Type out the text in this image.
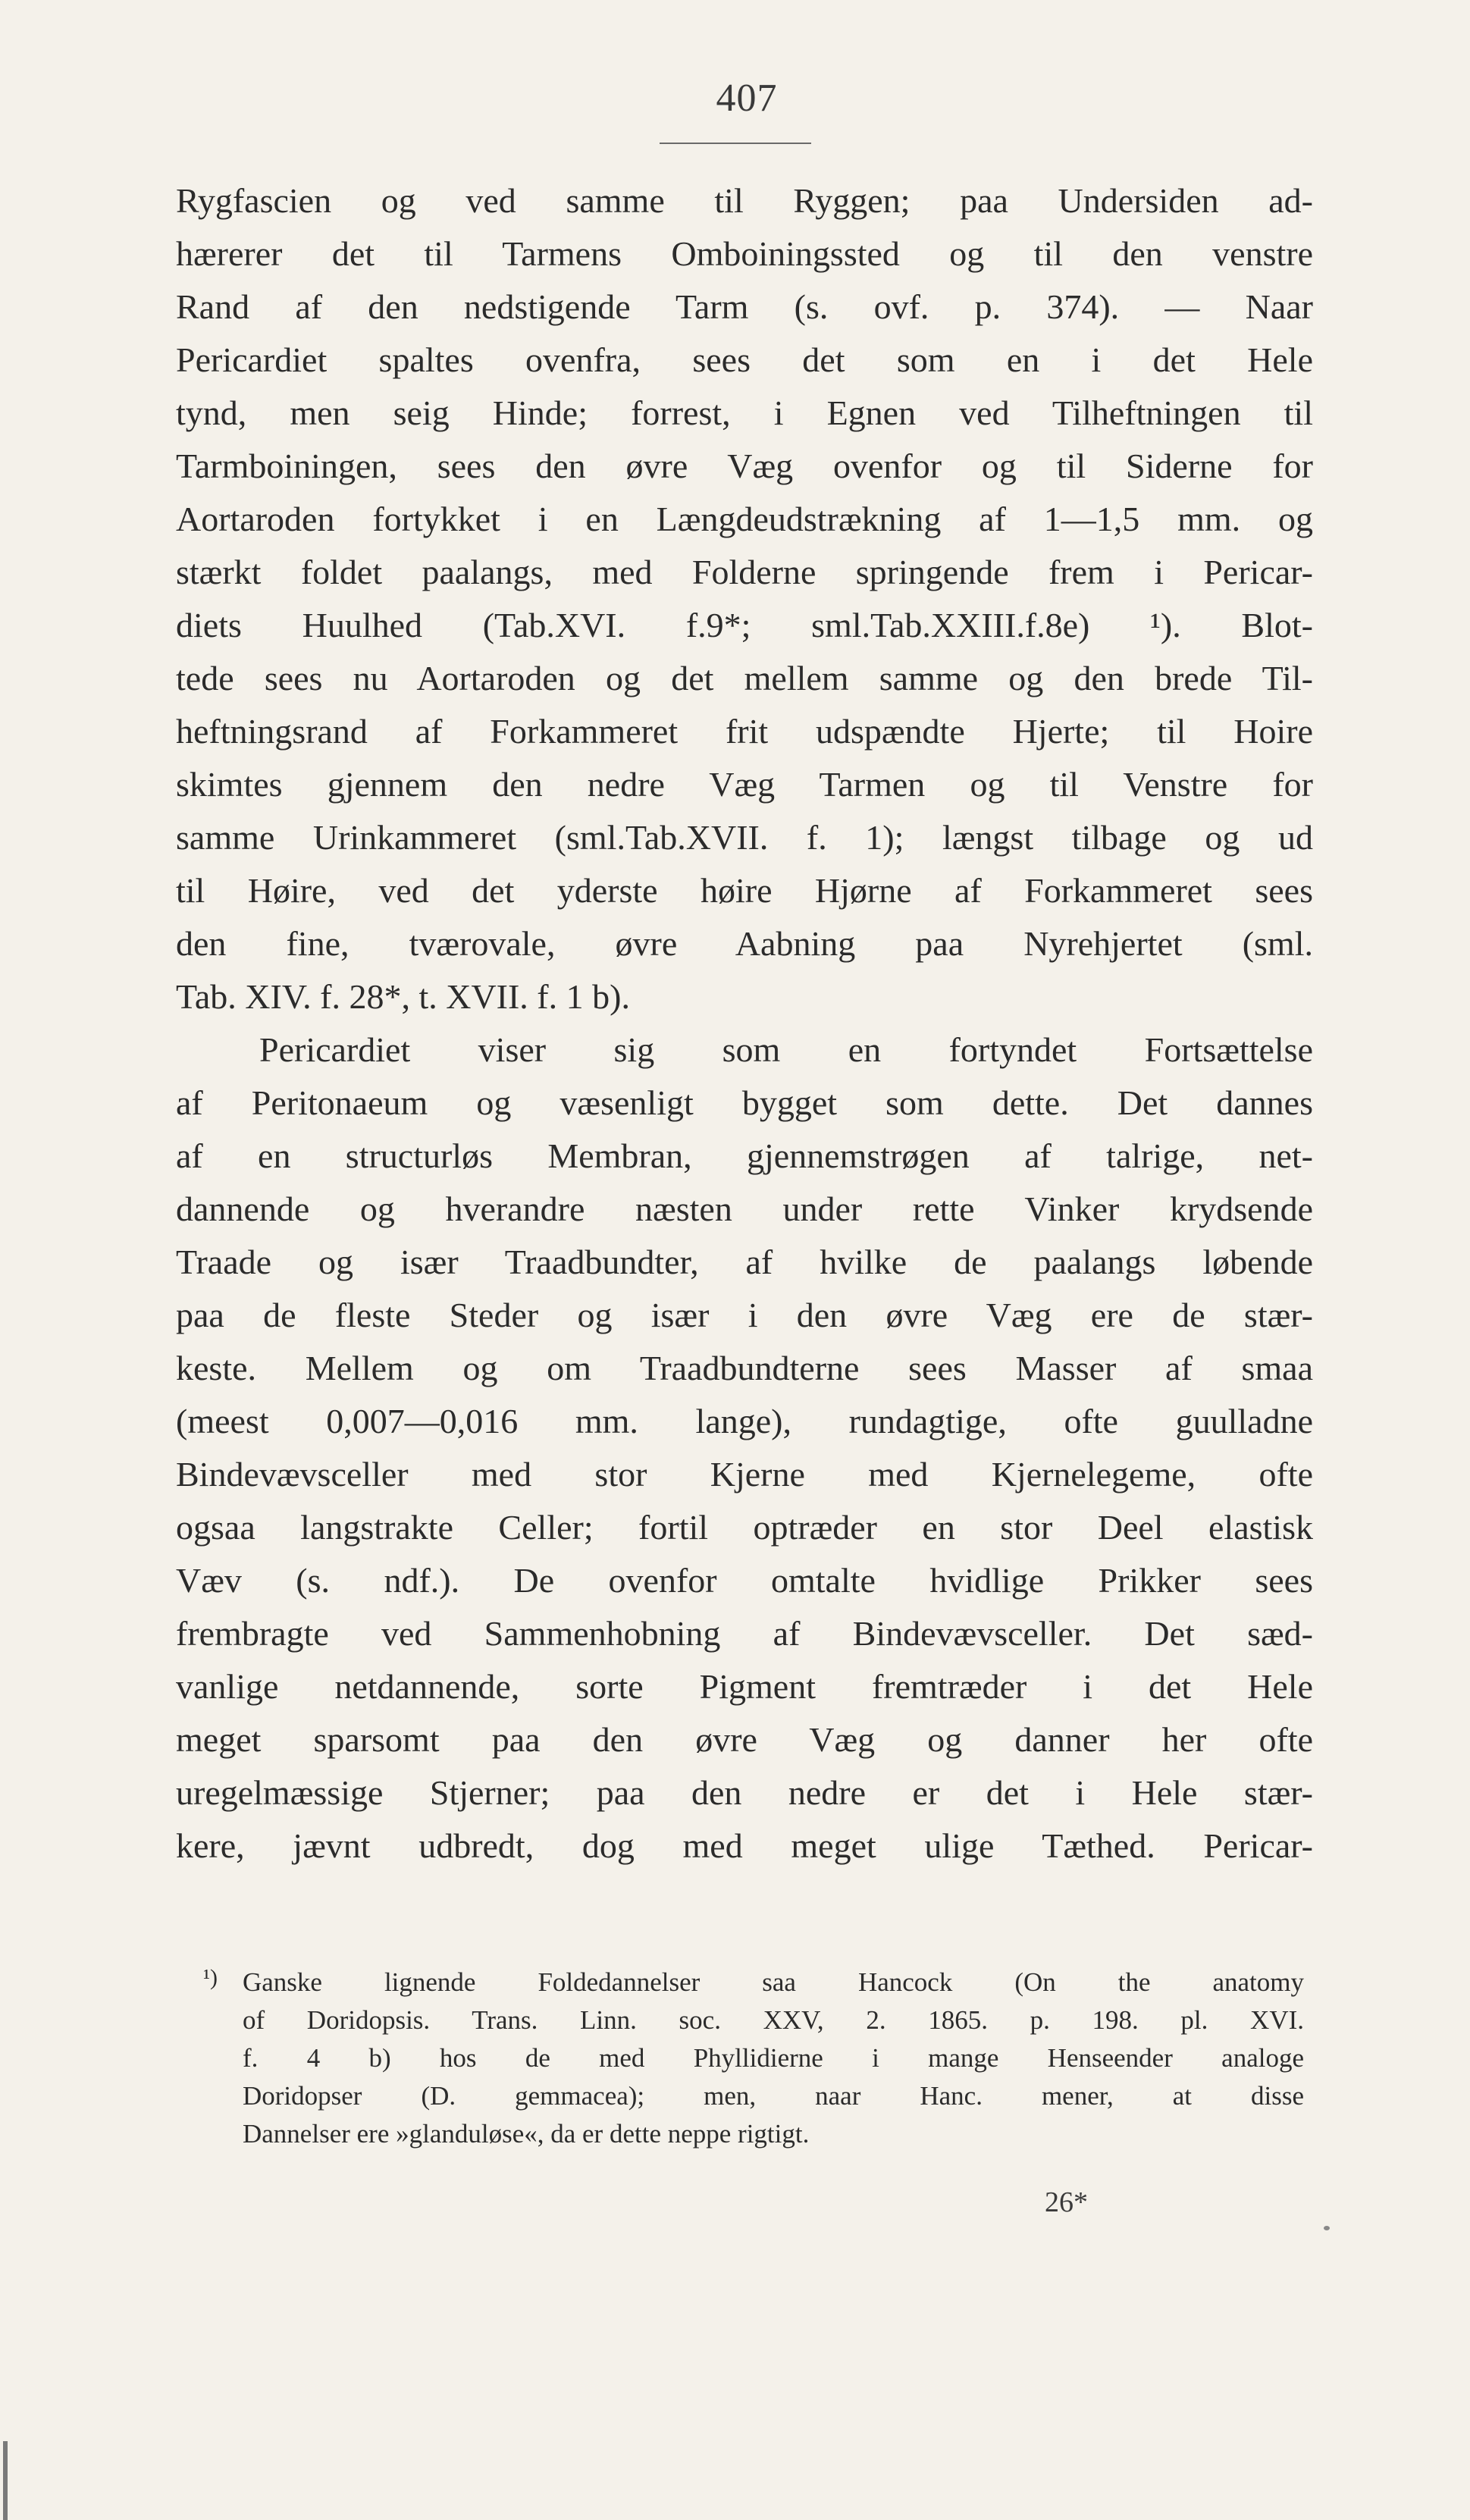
407
Rygfascien og ved samme til Ryggen; paa Undersiden ad-
hærerer det til Tarmens Omboiningssted og til den venstre
Rand af den nedstigende Tarm (s. ovf. p. 374). — Naar
Pericardiet spaltes ovenfra, sees det som en i det Hele
tynd, men seig Hinde; forrest, i Egnen ved Tilheftningen til
Tarmboiningen, sees den øvre Væg ovenfor og til Siderne for
Aortaroden fortykket i en Længdeudstrækning af 1—1,5 mm. og
stærkt foldet paalangs, med Folderne springende frem i Pericar-
diets Huulhed (Tab.XVI. f.9*; sml.Tab.XXIII.f.8e) ¹). Blot-
tede sees nu Aortaroden og det mellem samme og den brede Til-
heftningsrand af Forkammeret frit udspændte Hjerte; til Hoire
skimtes gjennem den nedre Væg Tarmen og til Venstre for
samme Urinkammeret (sml.Tab.XVII. f. 1); længst tilbage og ud
til Høire, ved det yderste høire Hjørne af Forkammeret sees
den fine, tværovale, øvre Aabning paa Nyrehjertet (sml.
Tab. XIV. f. 28*, t. XVII. f. 1 b).
Pericardiet viser sig som en fortyndet Fortsættelse
af Peritonaeum og væsenligt bygget som dette. Det dannes
af en structurløs Membran, gjennemstrøgen af talrige, net-
dannende og hverandre næsten under rette Vinker krydsende
Traade og især Traadbundter, af hvilke de paalangs løbende
paa de fleste Steder og især i den øvre Væg ere de stær-
keste. Mellem og om Traadbundterne sees Masser af smaa
(meest 0,007—0,016 mm. lange), rundagtige, ofte guulladne
Bindevævsceller med stor Kjerne med Kjernelegeme, ofte
ogsaa langstrakte Celler; fortil optræder en stor Deel elastisk
Væv (s. ndf.). De ovenfor omtalte hvidlige Prikker sees
frembragte ved Sammenhobning af Bindevævsceller. Det sæd-
vanlige netdannende, sorte Pigment fremtræder i det Hele
meget sparsomt paa den øvre Væg og danner her ofte
uregelmæssige Stjerner; paa den nedre er det i Hele stær-
kere, jævnt udbredt, dog med meget ulige Tæthed. Pericar-
¹) Ganske lignende Foldedannelser saa Hancock (On the anatomy
of Doridopsis. Trans. Linn. soc. XXV, 2. 1865. p. 198. pl. XVI.
f. 4 b) hos de med Phyllidierne i mange Henseender analoge
Doridopser (D. gemmacea); men, naar Hanc. mener, at disse
Dannelser ere »glanduløse«, da er dette neppe rigtigt.
26*
